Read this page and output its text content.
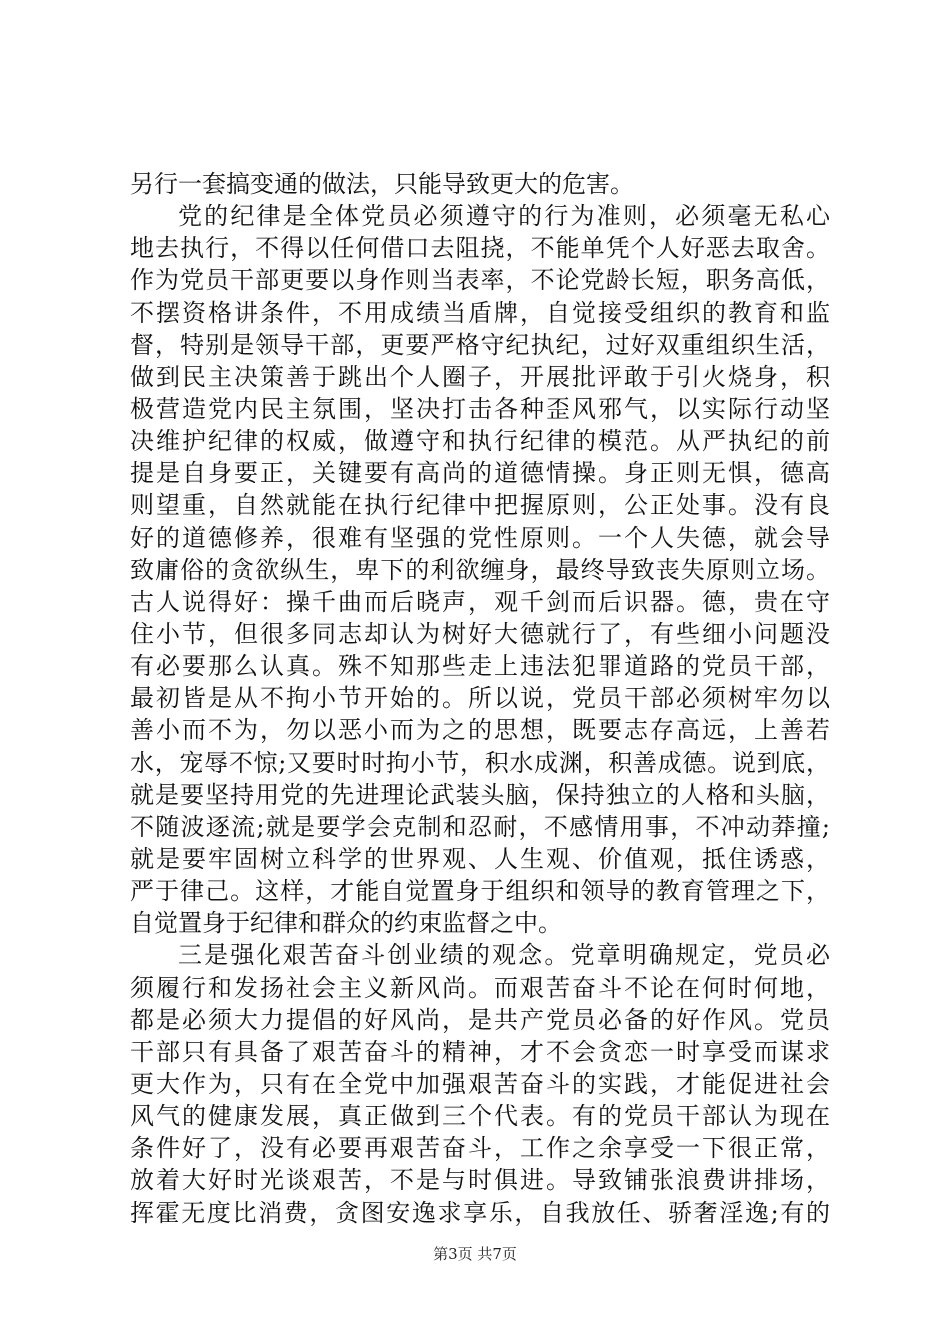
另行一套搞变通的做法，只能导致更大的危害。
党的纪律是全体党员必须遵守的行为准则，必须毫无私心
地去执行，不得以任何借口去阻挠，不能单凭个人好恶去取舍。
作为党员干部更要以身作则当表率，不论党龄长短，职务高低，
不摆资格讲条件，不用成绩当盾牌，自觉接受组织的教育和监
督，特别是领导干部，更要严格守纪执纪，过好双重组织生活，
做到民主决策善于跳出个人圈子，开展批评敢于引火烧身，积
极营造党内民主氛围，坚决打击各种歪风邪气，以实际行动坚
决维护纪律的权威，做遵守和执行纪律的模范。从严执纪的前
提是自身要正，关键要有高尚的道德情操。身正则无惧，德高
则望重，自然就能在执行纪律中把握原则，公正处事。没有良
好的道德修养，很难有坚强的党性原则。一个人失德，就会导
致庸俗的贪欲纵生，卑下的利欲缠身，最终导致丧失原则立场。
古人说得好：操千曲而后晓声，观千剑而后识器。德，贵在守
住小节，但很多同志却认为树好大德就行了，有些细小问题没
有必要那么认真。殊不知那些走上违法犯罪道路的党员干部，
最初皆是从不拘小节开始的。所以说，党员干部必须树牢勿以
善小而不为，勿以恶小而为之的思想，既要志存高远，上善若
水，宠辱不惊;又要时时拘小节，积水成渊，积善成德。说到底，
就是要坚持用党的先进理论武装头脑，保持独立的人格和头脑，
不随波逐流;就是要学会克制和忍耐，不感情用事，不冲动莽撞;
就是要牢固树立科学的世界观、人生观、价值观，抵住诱惑，
严于律己。这样，才能自觉置身于组织和领导的教育管理之下，
自觉置身于纪律和群众的约束监督之中。
三是强化艰苦奋斗创业绩的观念。党章明确规定，党员必
须履行和发扬社会主义新风尚。而艰苦奋斗不论在何时何地，
都是必须大力提倡的好风尚，是共产党员必备的好作风。党员
干部只有具备了艰苦奋斗的精神，才不会贪恋一时享受而谋求
更大作为，只有在全党中加强艰苦奋斗的实践，才能促进社会
风气的健康发展，真正做到三个代表。有的党员干部认为现在
条件好了，没有必要再艰苦奋斗，工作之余享受一下很正常，
放着大好时光谈艰苦，不是与时俱进。导致铺张浪费讲排场，
挥霍无度比消费，贪图安逸求享乐，自我放任、骄奢淫逸;有的
第3页 共7页
